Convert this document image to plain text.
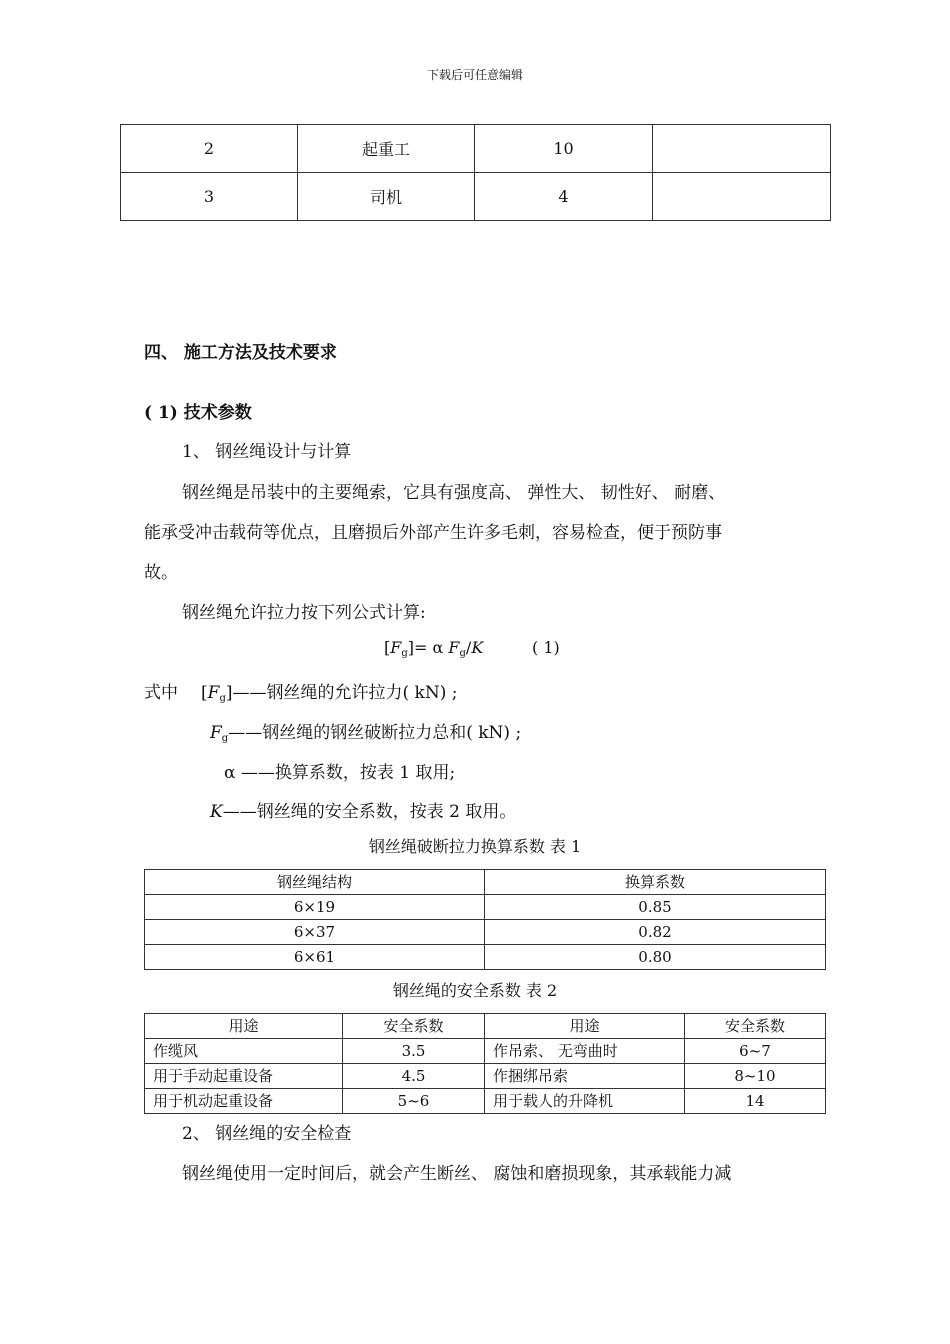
下载后可任意编辑
2	起重工	10	
3	司机	4	
四、 施工方法及技术要求
( 1) 技术参数
1、 钢丝绳设计与计算
钢丝绳是吊装中的主要绳索，它具有强度高、 弹性大、 韧性好、 耐磨、
能承受冲击载荷等优点，且磨损后外部产生许多毛刺，容易检查，便于预防事
故。
钢丝绳允许拉力按下列公式计算:
$[F_g]= \alpha$ $F_g/K$	( 1)
式中 $[F_g]——$钢丝绳的允许拉力( kN) ;
$F_g——$钢丝绳的钢丝破断拉力总和( kN) ;
α ——换算系数，按表 1 取用;
K——钢丝绳的安全系数，按表 2 取用。
钢丝绳破断拉力换算系数 表 1
钢丝绳结构	换算系数
6×19	0.85
6×37	0.82
6×61	0.80
钢丝绳的安全系数 表 2
用途	安全系数	用途	安全系数
作缆风	3.5	作吊索、 无弯曲时	6~7
用于手动起重设备	4.5	作捆绑吊索	8~10
用于机动起重设备	5~6	用于载人的升降机	14
2、 钢丝绳的安全检查
钢丝绳使用一定时间后，就会产生断丝、 腐蚀和磨损现象，其承载能力减
